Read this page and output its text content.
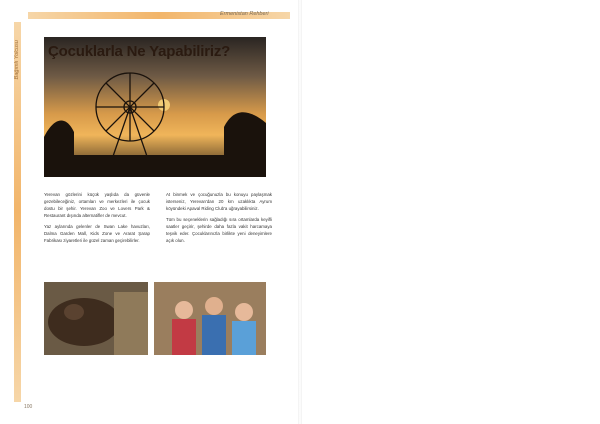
Ermenistan Rehberi
Bağımlı Yolcusu Çocuklarla Ne Yapabiliriz?

Yerevan gözlerini küçük yaşlıda da güvenle gezebileceğiniz, ortamları ve merkezleri ile çocuk dostu bir şehir. Yerevan Zoo ve Lovers Park & Restaurant dışında alternatifler de mevcut.

Yaz aylarında gelenler de Swan Lake havuzları, Dalma Garden Mall, Kids Zone ve Ararat Şarap Fabrikası ziyaretleri ile güzel zaman geçirebilirler.

At binmek ve çocuğunuzla bu konuyu paylaşmak isterseniz, Yerevan'dan 20 km uzaklıkta Ayrum köyündeki Apaval Riding Club'a uğrayabilirsiniz.

Tüm bu seçeneklerin sağladığı sıra ortamlarda keyifli saatler geçirir, şehirde daha fazla vakit harcamaya teşvik eder. Çocuklarınızla birlikte yeni deneyimlere açık olun.

100
